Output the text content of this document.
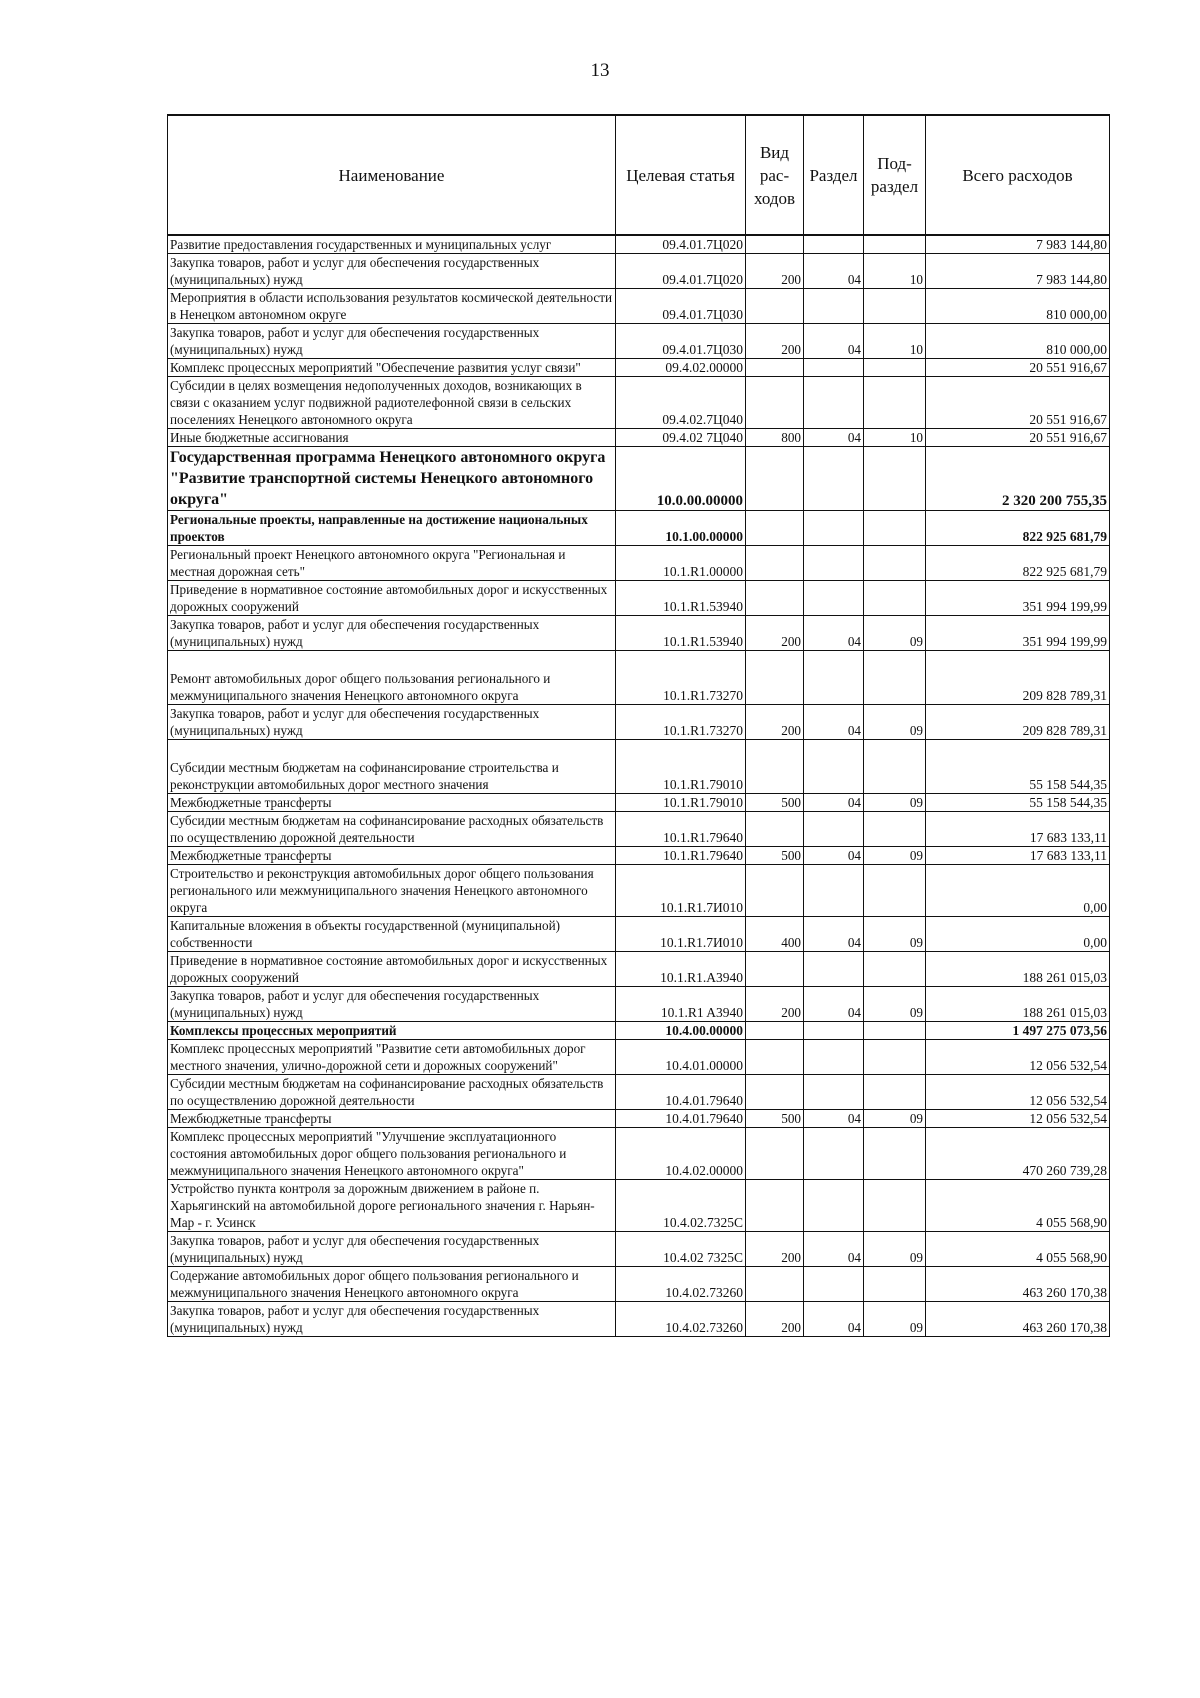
13
Наименование	Целевая статья	Вид рас- ходов	Раздел	Под- раздел	Всего расходов
Развитие предоставления государственных и муниципальных услуг	09.4.01.7Ц020				7 983 144,80
Закупка товаров, работ и услуг для обеспечения государственных (муниципальных) нужд	09.4.01.7Ц020	200	04	10	7 983 144,80
Мероприятия в области использования результатов космической деятельности в Ненецком автономном округе	09.4.01.7Ц030				810 000,00
Закупка товаров, работ и услуг для обеспечения государственных (муниципальных) нужд	09.4.01.7Ц030	200	04	10	810 000,00
Комплекс процессных мероприятий "Обеспечение развития услуг связи"	09.4.02.00000				20 551 916,67
Субсидии в целях возмещения недополученных доходов, возникающих в связи с оказанием услуг подвижной радиотелефонной связи в сельских поселениях Ненецкого автономного округа	09.4.02.7Ц040				20 551 916,67
Иные бюджетные ассигнования	09.4.02 7Ц040	800	04	10	20 551 916,67
Государственная программа Ненецкого автономного округа "Развитие транспортной системы Ненецкого автономного округа"	10.0.00.00000				2 320 200 755,35
Региональные проекты, направленные на достижение национальных проектов	10.1.00.00000				822 925 681,79
Региональный проект Ненецкого автономного округа "Региональная и местная дорожная сеть"	10.1.R1.00000				822 925 681,79
Приведение в нормативное состояние автомобильных дорог и искусственных дорожных сооружений	10.1.R1.53940				351 994 199,99
Закупка товаров, работ и услуг для обеспечения государственных (муниципальных) нужд	10.1.R1.53940	200	04	09	351 994 199,99
Ремонт автомобильных дорог общего пользования регионального и межмуниципального значения Ненецкого автономного округа	10.1.R1.73270				209 828 789,31
Закупка товаров, работ и услуг для обеспечения государственных (муниципальных) нужд	10.1.R1.73270	200	04	09	209 828 789,31
Субсидии местным бюджетам на софинансирование строительства и реконструкции автомобильных дорог местного значения	10.1.R1.79010				55 158 544,35
Межбюджетные трансферты	10.1.R1.79010	500	04	09	55 158 544,35
Субсидии местным бюджетам на софинансирование расходных обязательств по осуществлению дорожной деятельности	10.1.R1.79640				17 683 133,11
Межбюджетные трансферты	10.1.R1.79640	500	04	09	17 683 133,11
Строительство и реконструкция автомобильных дорог общего пользования регионального или межмуниципального значения Ненецкого автономного округа	10.1.R1.7И010				0,00
Капитальные вложения в объекты государственной (муниципальной) собственности	10.1.R1.7И010	400	04	09	0,00
Приведение в нормативное состояние автомобильных дорог и искусственных дорожных сооружений	10.1.R1.A3940				188 261 015,03
Закупка товаров, работ и услуг для обеспечения государственных (муниципальных) нужд	10.1.R1 A3940	200	04	09	188 261 015,03
Комплексы процессных мероприятий	10.4.00.00000				1 497 275 073,56
Комплекс процессных мероприятий "Развитие сети автомобильных дорог местного значения, улично-дорожной сети и дорожных сооружений"	10.4.01.00000				12 056 532,54
Субсидии местным бюджетам на софинансирование расходных обязательств по осуществлению дорожной деятельности	10.4.01.79640				12 056 532,54
Межбюджетные трансферты	10.4.01.79640	500	04	09	12 056 532,54
Комплекс процессных мероприятий "Улучшение эксплуатационного состояния автомобильных дорог общего пользования регионального и межмуниципального значения Ненецкого автономного округа"	10.4.02.00000				470 260 739,28
Устройство пункта контроля за дорожным движением в районе п. Харьягинский на автомобильной дороге регионального значения г. Нарьян-Мар - г. Усинск	10.4.02.7325С				4 055 568,90
Закупка товаров, работ и услуг для обеспечения государственных (муниципальных) нужд	10.4.02 7325С	200	04	09	4 055 568,90
Содержание автомобильных дорог общего пользования регионального и межмуниципального значения Ненецкого автономного округа	10.4.02.73260				463 260 170,38
Закупка товаров, работ и услуг для обеспечения государственных (муниципальных) нужд	10.4.02.73260	200	04	09	463 260 170,38
